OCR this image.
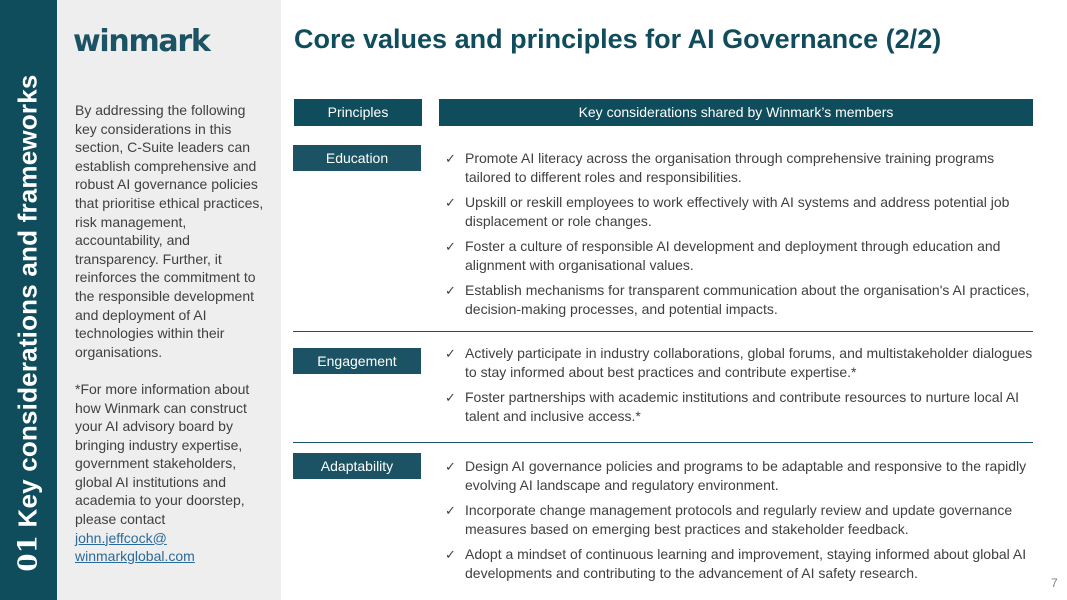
01 Key considerations and frameworks
winmark

By addressing the following key considerations in this section, C-Suite leaders can establish comprehensive and robust AI governance policies that prioritise ethical practices, risk management, accountability, and transparency. Further, it reinforces the commitment to the responsible development and deployment of AI technologies within their organisations.

*For more information about how Winmark can construct your AI advisory board by bringing industry expertise, government stakeholders, global AI institutions and academia to your doorstep, please contact
john.jeffcock@
winmarkglobal.com

Core values and principles for AI Governance (2/2)
Principles	Key considerations shared by Winmark’s members
Education	✓ Promote AI literacy across the organisation through comprehensive training programs tailored to different roles and responsibilities.
✓ Upskill or reskill employees to work effectively with AI systems and address potential job displacement or role changes.
✓ Foster a culture of responsible AI development and deployment through education and alignment with organisational values.
✓ Establish mechanisms for transparent communication about the organisation's AI practices, decision-making processes, and potential impacts.
Engagement	✓ Actively participate in industry collaborations, global forums, and multistakeholder dialogues to stay informed about best practices and contribute expertise.*
✓ Foster partnerships with academic institutions and contribute resources to nurture local AI talent and inclusive access.*
Adaptability	✓ Design AI governance policies and programs to be adaptable and responsive to the rapidly evolving AI landscape and regulatory environment.
✓ Incorporate change management protocols and regularly review and update governance measures based on emerging best practices and stakeholder feedback.
✓ Adopt a mindset of continuous learning and improvement, staying informed about global AI developments and contributing to the advancement of AI safety research.
7
